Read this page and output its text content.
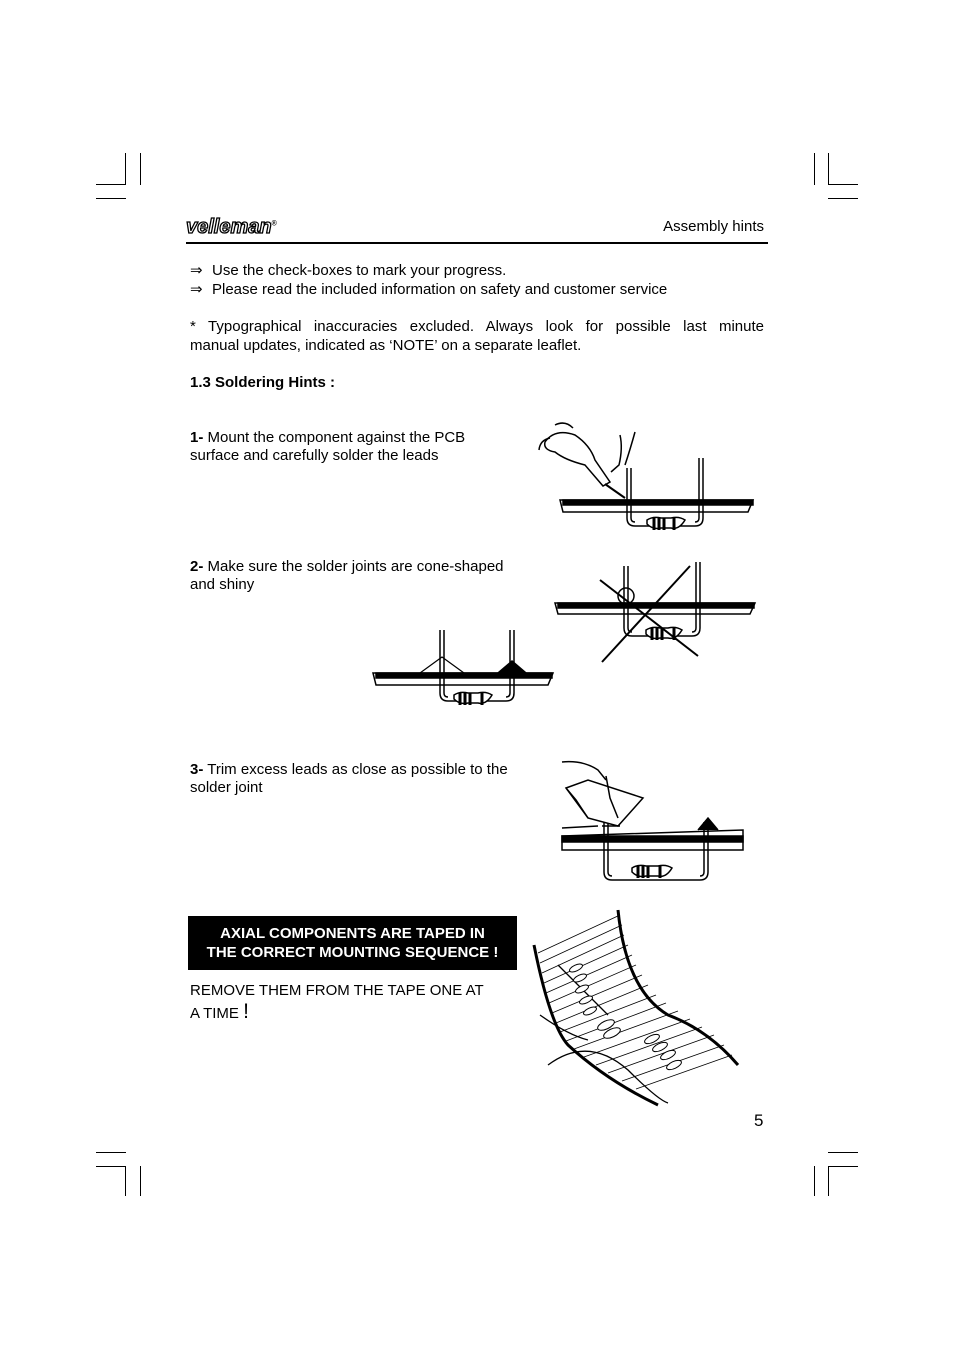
velleman®	Assembly hints
⇒ Use the check-boxes to mark your progress.
⇒ Please read the included information on safety and customer service
* Typographical inaccuracies excluded. Always look for possible last minute
manual updates, indicated as ‘NOTE’ on a separate leaflet.
1.3 Soldering Hints :
1- Mount the component against the PCB
surface and carefully solder the leads
2- Make sure the solder joints are cone-shaped
and shiny
3- Trim excess leads as close as possible to the
solder joint
AXIAL COMPONENTS ARE TAPED IN
THE CORRECT MOUNTING SEQUENCE !
REMOVE THEM FROM THE TAPE ONE AT
A TIME !
5
